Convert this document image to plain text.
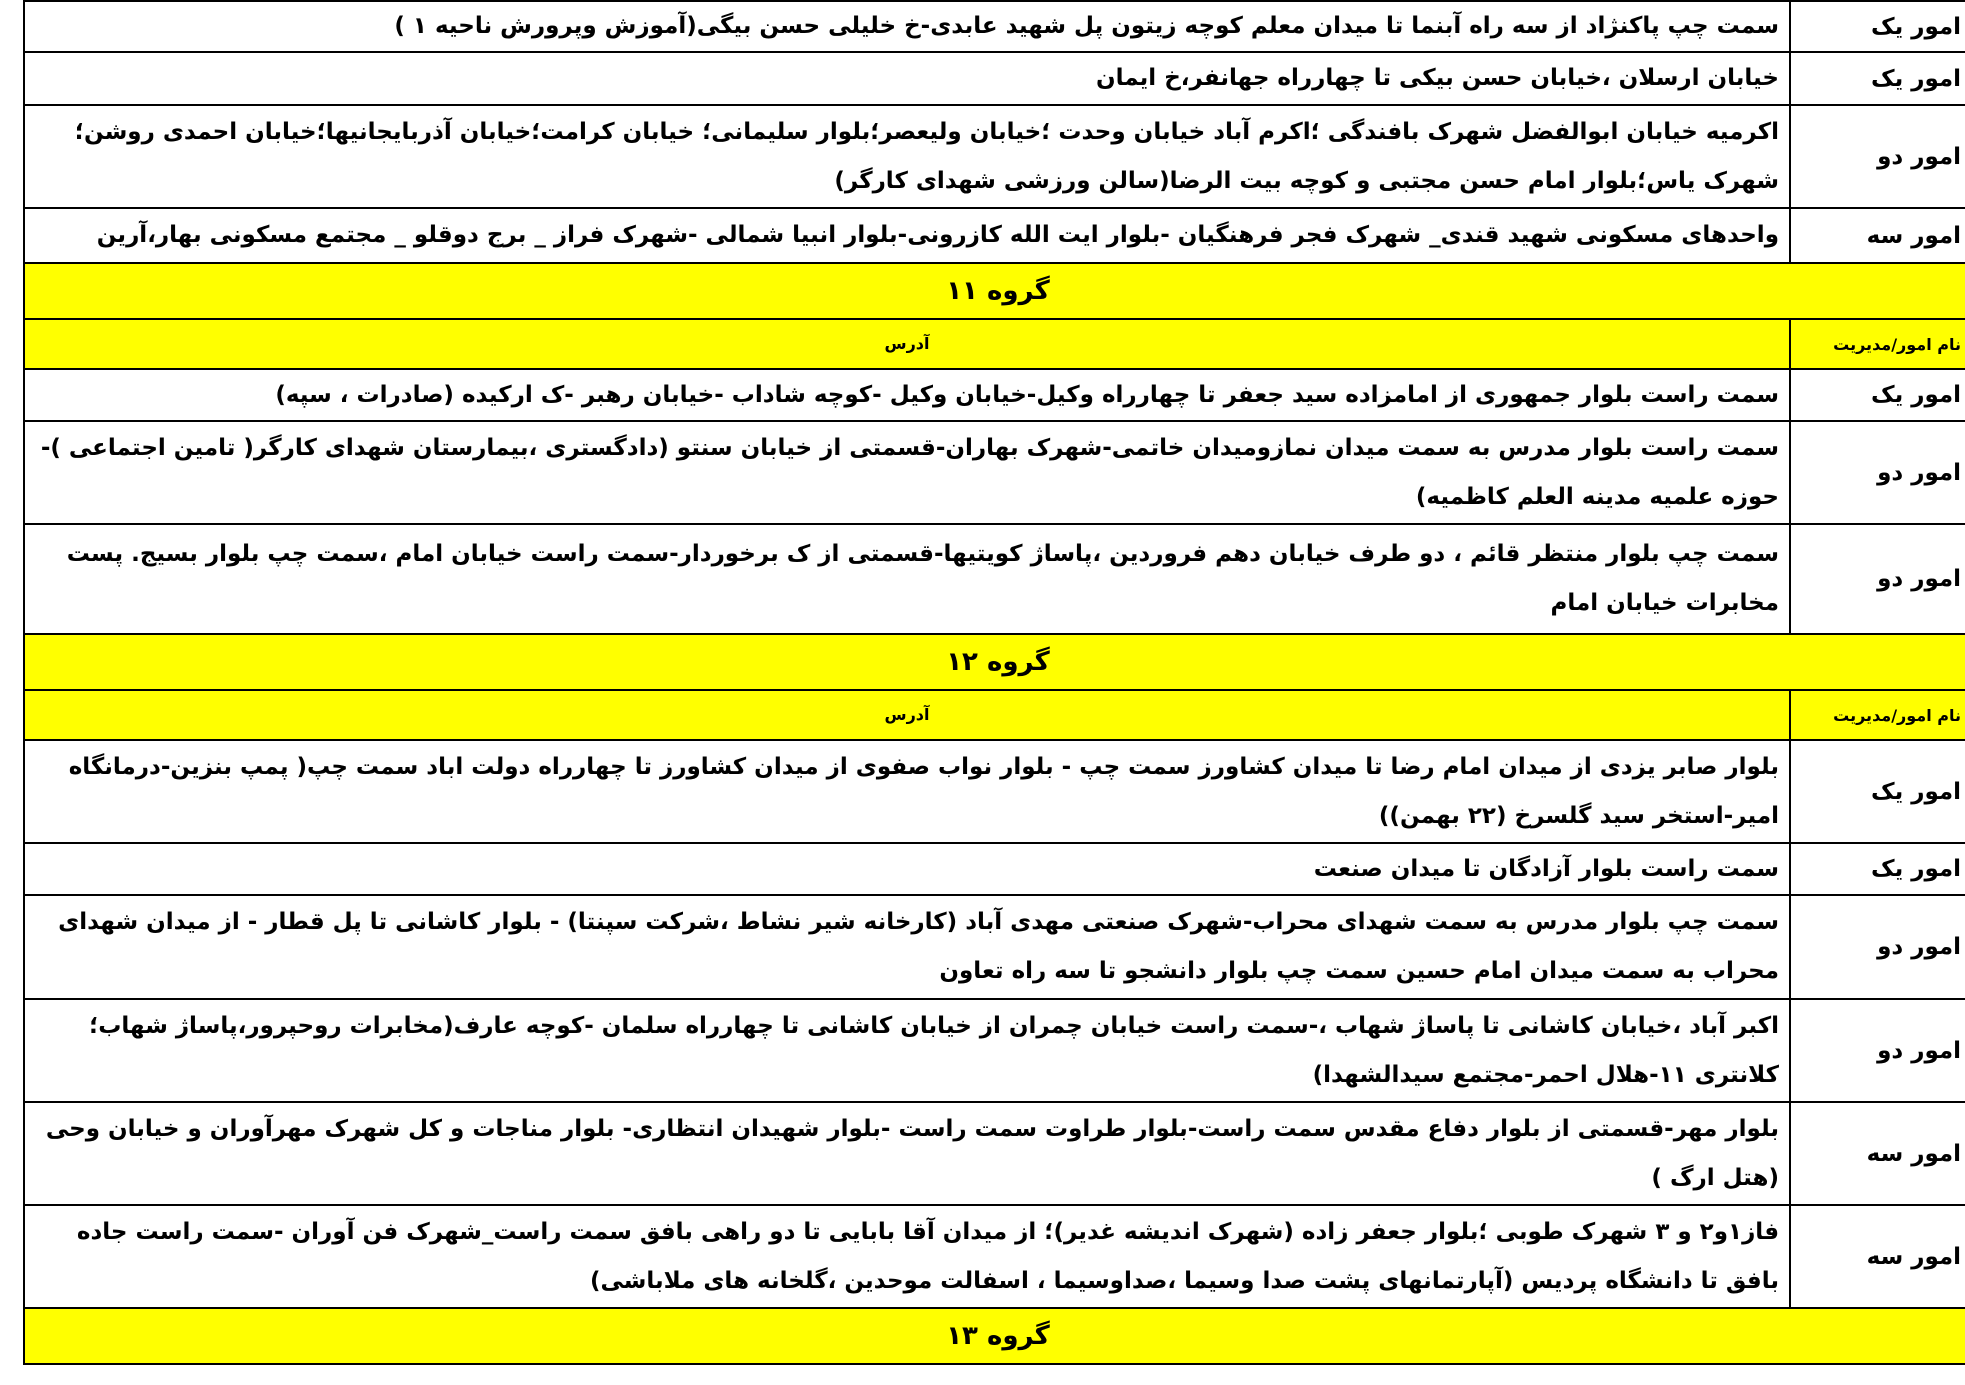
امور یک	سمت چپ پاکنژاد از سه راه آبنما تا میدان معلم کوچه زیتون پل شهید عابدی-خ خلیلی حسن بیگی(آموزش وپرورش ناحیه ۱ )
امور یک	خیابان ارسلان ،خیابان حسن بیکی تا چهارراه جهانفر،خ ایمان
امور دو	اکرمیه خیابان ابوالفضل شهرک بافندگی ؛اکرم آباد خیابان وحدت ؛خیابان ولیعصر؛بلوار سلیمانی؛ خیابان کرامت؛خیابان آذربایجانیها؛خیابان احمدی روشن؛شهرک یاس؛بلوار امام حسن مجتبی و کوچه بیت الرضا(سالن ورزشی شهدای کارگر)
امور سه	واحدهای مسکونی شهید قندی_ شهرک فجر فرهنگیان -بلوار ایت الله کازرونی-بلوار انبیا شمالی -شهرک فراز _ برج دوقلو _ مجتمع مسکونی بهار،آرین
گروه ۱۱	
نام امور/مدیریت	آدرس
امور یک	سمت راست بلوار جمهوری از امامزاده سید جعفر تا چهارراه وکیل-خیابان وکیل -کوچه شاداب -خیابان رهبر -ک ارکیده (صادرات ، سپه)
امور دو	سمت راست بلوار مدرس به سمت میدان نمازومیدان خاتمی-شهرک بهاران-قسمتی از خیابان سنتو (دادگستری ،بیمارستان شهدای کارگر( تامین اجتماعی )-حوزه علمیه مدینه العلم کاظمیه)
امور دو	سمت چپ بلوار منتظر قائم ، دو طرف خیابان دهم فروردین ،پاساژ کویتیها-قسمتی از ک برخوردار-سمت راست خیابان امام ،سمت چپ بلوار بسیج. پست مخابرات خیابان امام
گروه ۱۲	
نام امور/مدیریت	آدرس
امور یک	بلوار صابر یزدی از میدان امام رضا تا میدان کشاورز سمت چپ - بلوار نواب صفوی از میدان کشاورز تا چهارراه دولت اباد سمت چپ( پمپ بنزین-درمانگاه امیر-استخر سید گلسرخ (۲۲ بهمن))
امور یک	سمت راست بلوار آزادگان تا میدان صنعت
امور دو	سمت چپ بلوار مدرس به سمت شهدای محراب-شهرک صنعتی مهدی آباد (کارخانه شیر نشاط ،شرکت سپنتا) - بلوار کاشانی تا پل قطار - از میدان شهدای محراب به سمت میدان امام حسین سمت چپ بلوار دانشجو تا سه راه تعاون
امور دو	اکبر آباد ،خیابان کاشانی تا پاساژ شهاب ،-سمت راست خیابان چمران از خیابان کاشانی تا چهارراه سلمان -کوچه عارف(مخابرات روحپرور،پاساژ شهاب؛ کلانتری ۱۱-هلال احمر-مجتمع سیدالشهدا)
امور سه	بلوار مهر-قسمتی از بلوار دفاع مقدس سمت راست-بلوار طراوت سمت راست -بلوار شهیدان انتظاری- بلوار مناجات و کل شهرک مهرآوران و خیابان وحی (هتل ارگ )
امور سه	فاز۱و۲ و ۳ شهرک طوبی ؛بلوار جعفر زاده (شهرک اندیشه غدیر)؛ از میدان آقا بابایی تا دو راهی بافق سمت راست_شهرک فن آوران -سمت راست جاده بافق تا دانشگاه پردیس (آپارتمانهای پشت صدا وسیما ،صداوسیما ، اسفالت موحدین ،گلخانه های ملاباشی)
گروه ۱۳	
